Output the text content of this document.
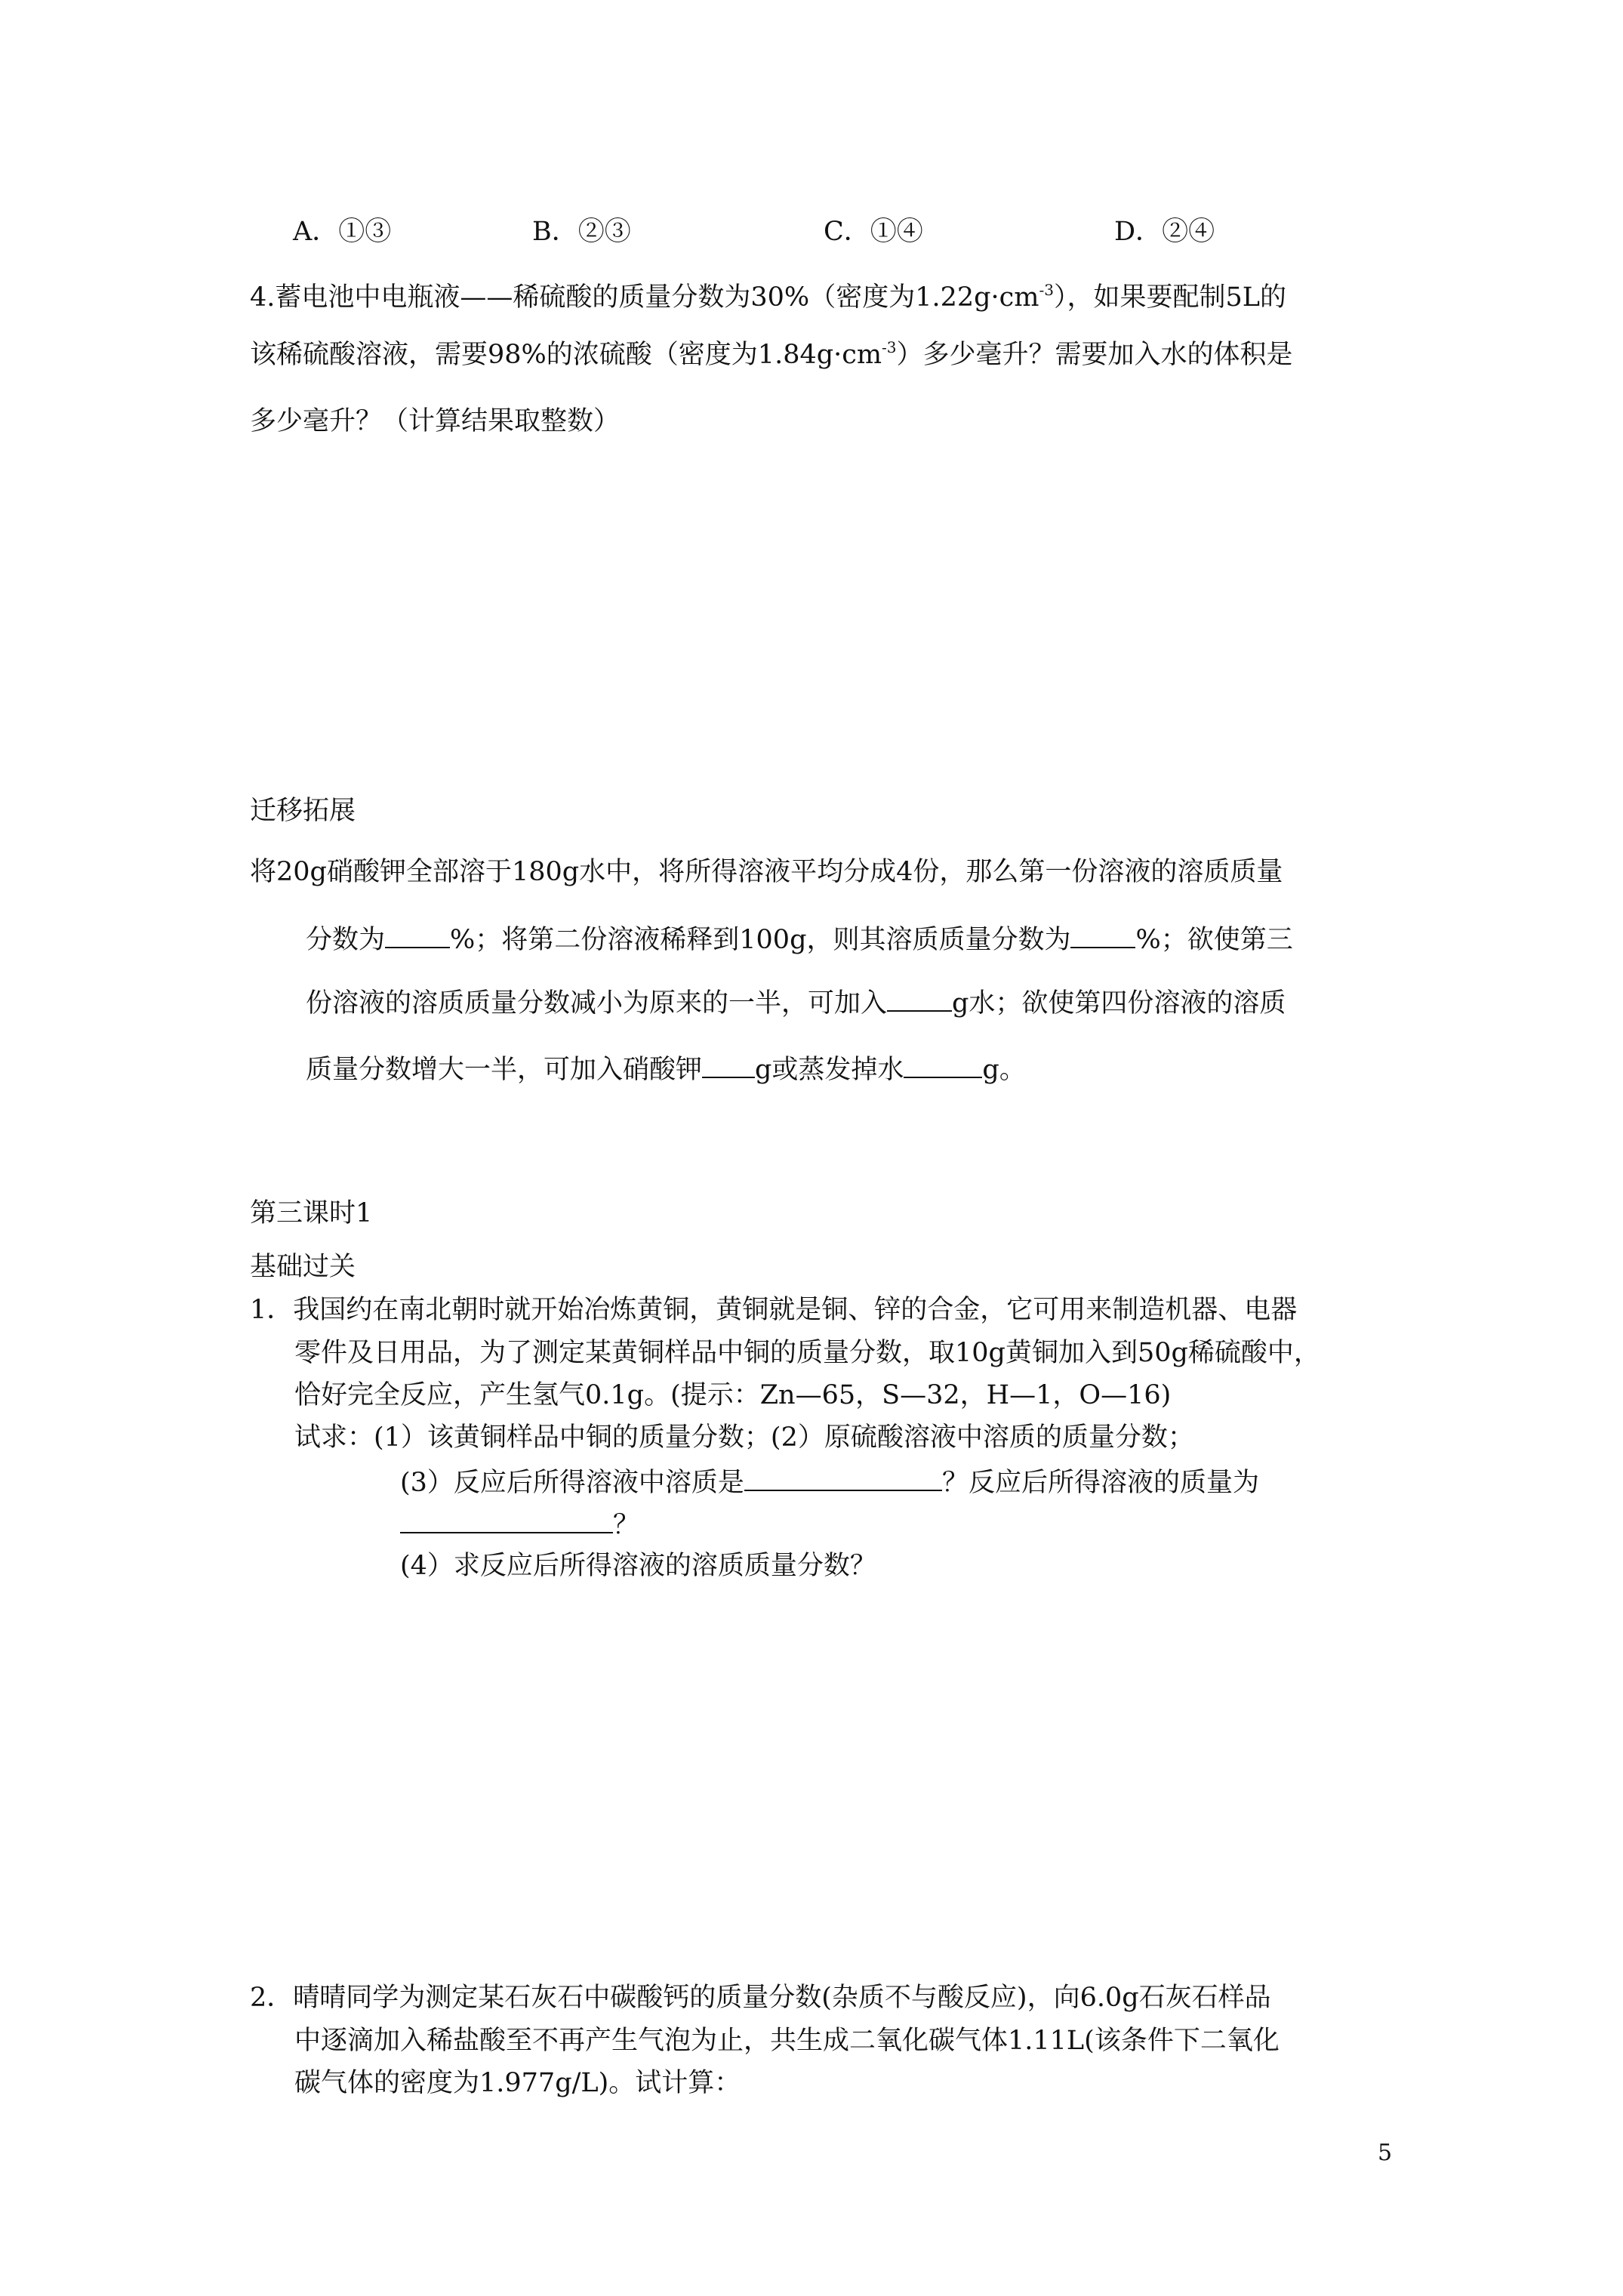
A．①③	B．②③	C．①④	D．②④
4.蓄电池中电瓶液——稀硫酸的质量分数为30%（密度为$1.22g\cdot cm^{-3}$），如果要配制5L的
该稀硫酸溶液，需要98%的浓硫酸（密度为$1.84g\cdot cm^{-3}$）多少毫升？需要加入水的体积是
多少毫升？（计算结果取整数）
迁移拓展
将20g硝酸钾全部溶于180g水中，将所得溶液平均分成4份，那么第一份溶液的溶质质量
分数为 %；将第二份溶液稀释到100g，则其溶质质量分数为 %；欲使第三
份溶液的溶质质量分数减小为原来的一半，可加入 g水；欲使第四份溶液的溶质
质量分数增大一半，可加入硝酸钾 g或蒸发掉水	g。
第三课时1
基础过关
1．我国约在南北朝时就开始冶炼黄铜，黄铜就是铜、锌的合金，它可用来制造机器、电器
零件及日用品，为了测定某黄铜样品中铜的质量分数，取10g黄铜加入到50g稀硫酸中，
恰好完全反应，产生氢气0.1g。(提示：Zn—65，S—32，H—1，O—16)
试求：(1）该黄铜样品中铜的质量分数；(2）原硫酸溶液中溶质的质量分数；
(3）反应后所得溶液中溶质是	？反应后所得溶液的质量为
？
(4）求反应后所得溶液的溶质质量分数？
2．晴晴同学为测定某石灰石中碳酸钙的质量分数(杂质不与酸反应)，向6.0g石灰石样品
中逐滴加入稀盐酸至不再产生气泡为止，共生成二氧化碳气体1.11L(该条件下二氧化
碳气体的密度为1.977g/L)。试计算：
5
